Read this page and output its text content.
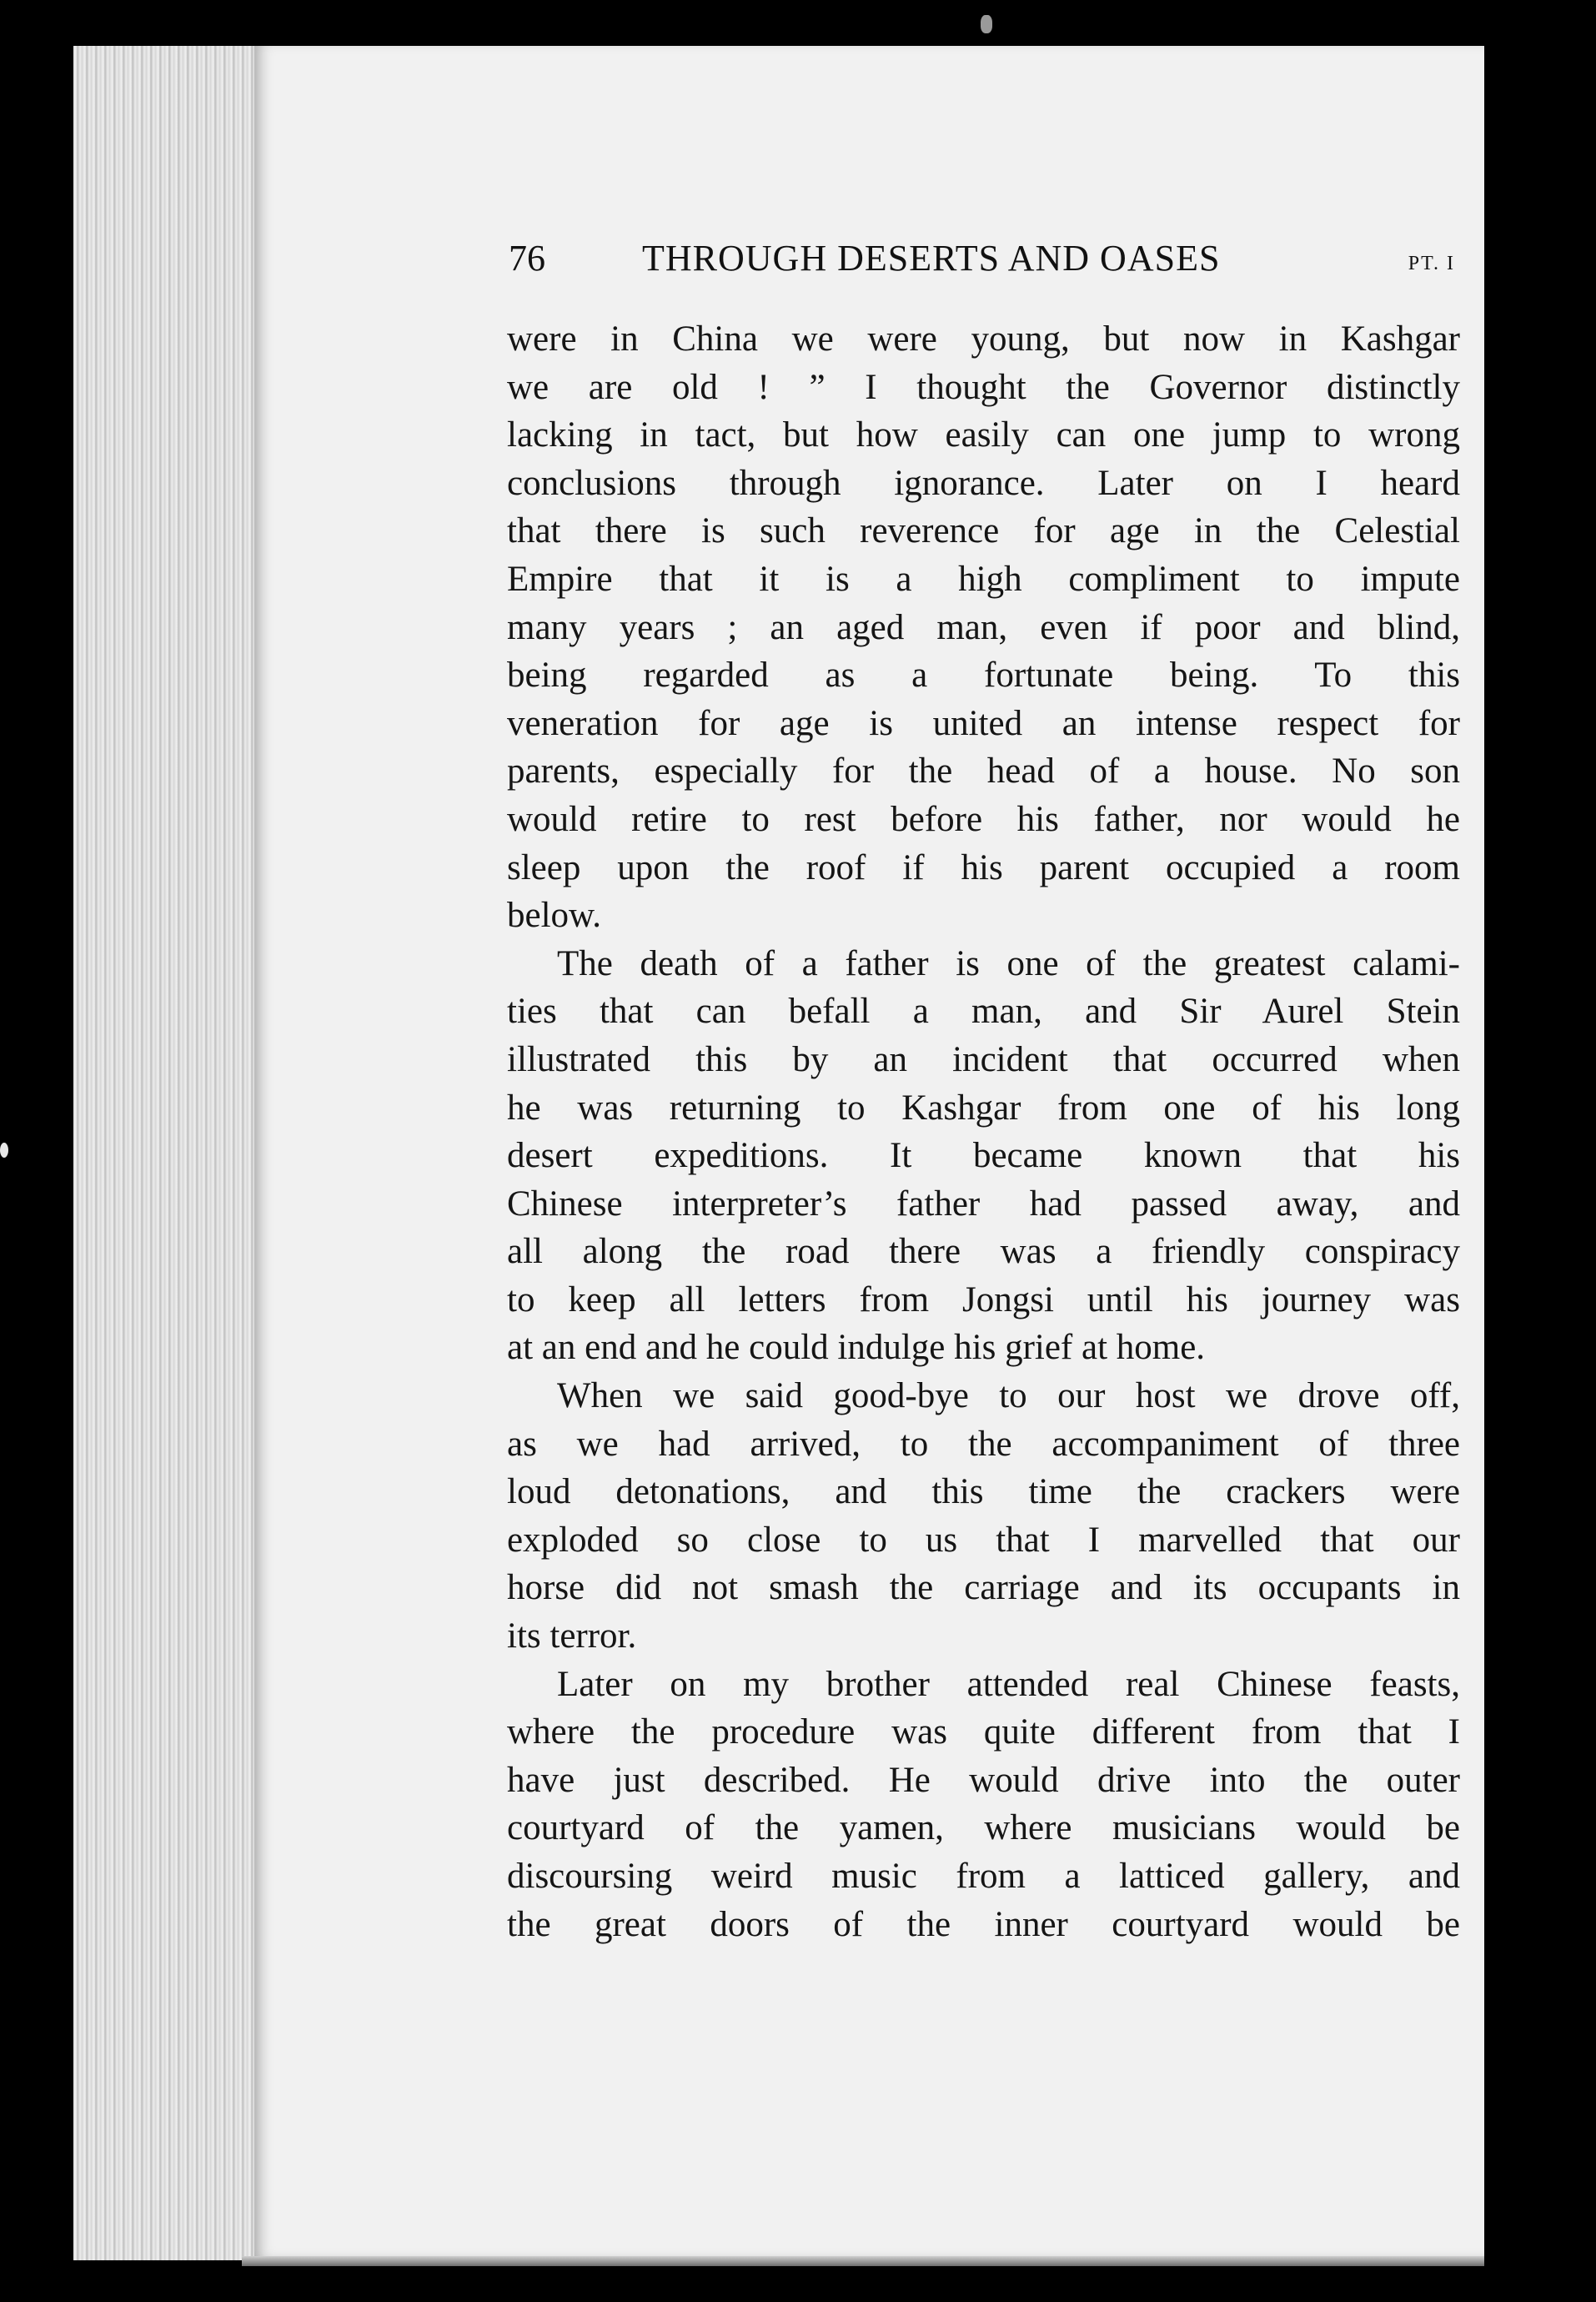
76	THROUGH DESERTS AND OASES	PT. I
were in China we were young, but now in Kashgar
we are old ! ” I thought the Governor distinctly
lacking in tact, but how easily can one jump to wrong
conclusions through ignorance. Later on I heard
that there is such reverence for age in the Celestial
Empire that it is a high compliment to impute
many years ; an aged man, even if poor and blind,
being regarded as a fortunate being. To this
veneration for age is united an intense respect for
parents, especially for the head of a house. No son
would retire to rest before his father, nor would he
sleep upon the roof if his parent occupied a room
below.
The death of a father is one of the greatest calami-
ties that can befall a man, and Sir Aurel Stein
illustrated this by an incident that occurred when
he was returning to Kashgar from one of his long
desert expeditions. It became known that his
Chinese interpreter’s father had passed away, and
all along the road there was a friendly conspiracy
to keep all letters from Jongsi until his journey was
at an end and he could indulge his grief at home.
When we said good-bye to our host we drove off,
as we had arrived, to the accompaniment of three
loud detonations, and this time the crackers were
exploded so close to us that I marvelled that our
horse did not smash the carriage and its occupants in
its terror.
Later on my brother attended real Chinese feasts,
where the procedure was quite different from that I
have just described. He would drive into the outer
courtyard of the yamen, where musicians would be
discoursing weird music from a latticed gallery, and
the great doors of the inner courtyard would be
